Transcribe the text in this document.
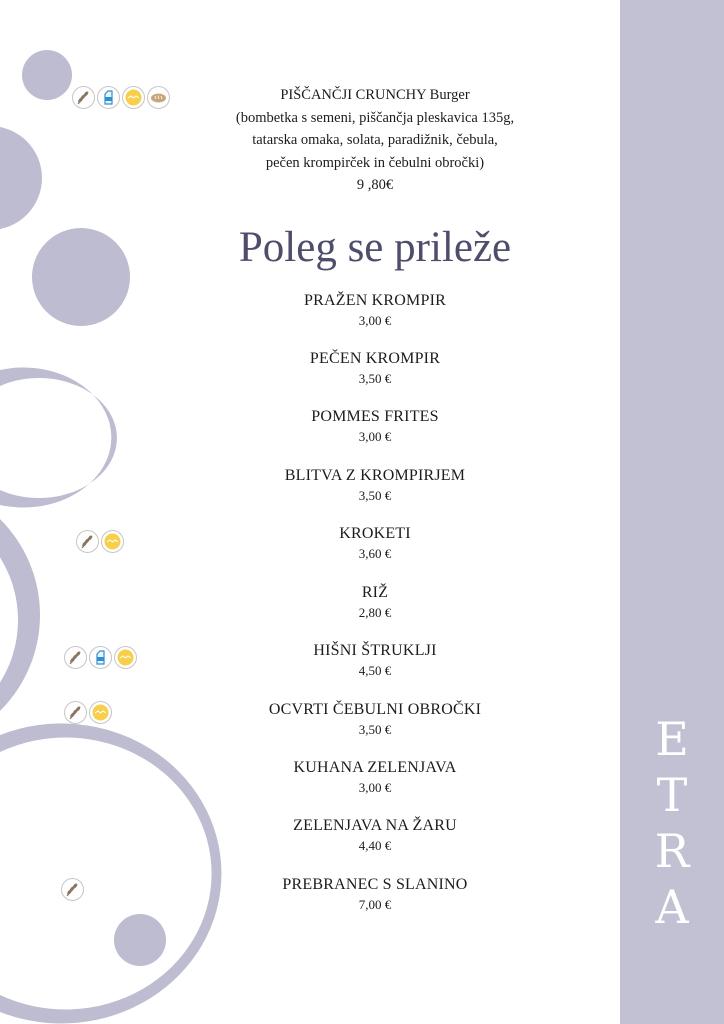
E
T
R
A
PIŠČANČJI CRUNCHY Burger
(bombetka s semeni, piščančja pleskavica 135g,
tatarska omaka, solata, paradižnik, čebula,
pečen krompirček in čebulni obročki)
9 ,80€
Poleg se priležе
PRAŽEN KROMPIR
3,00 €
PEČEN KROMPIR
3,50 €
POMMES FRITES
3,00 €
BLITVA Z KROMPIRJEM
3,50 €
KROKETI
3,60 €
RIŽ
2,80 €
HIŠNI ŠTRUKLJI
4,50 €
OCVRTI ČEBULNI OBROČKI
3,50 €
KUHANA ZELENJAVA
3,00 €
ZELENJAVA NA ŽARU
4,40 €
PREBRANEC S SLANINO
7,00 €
